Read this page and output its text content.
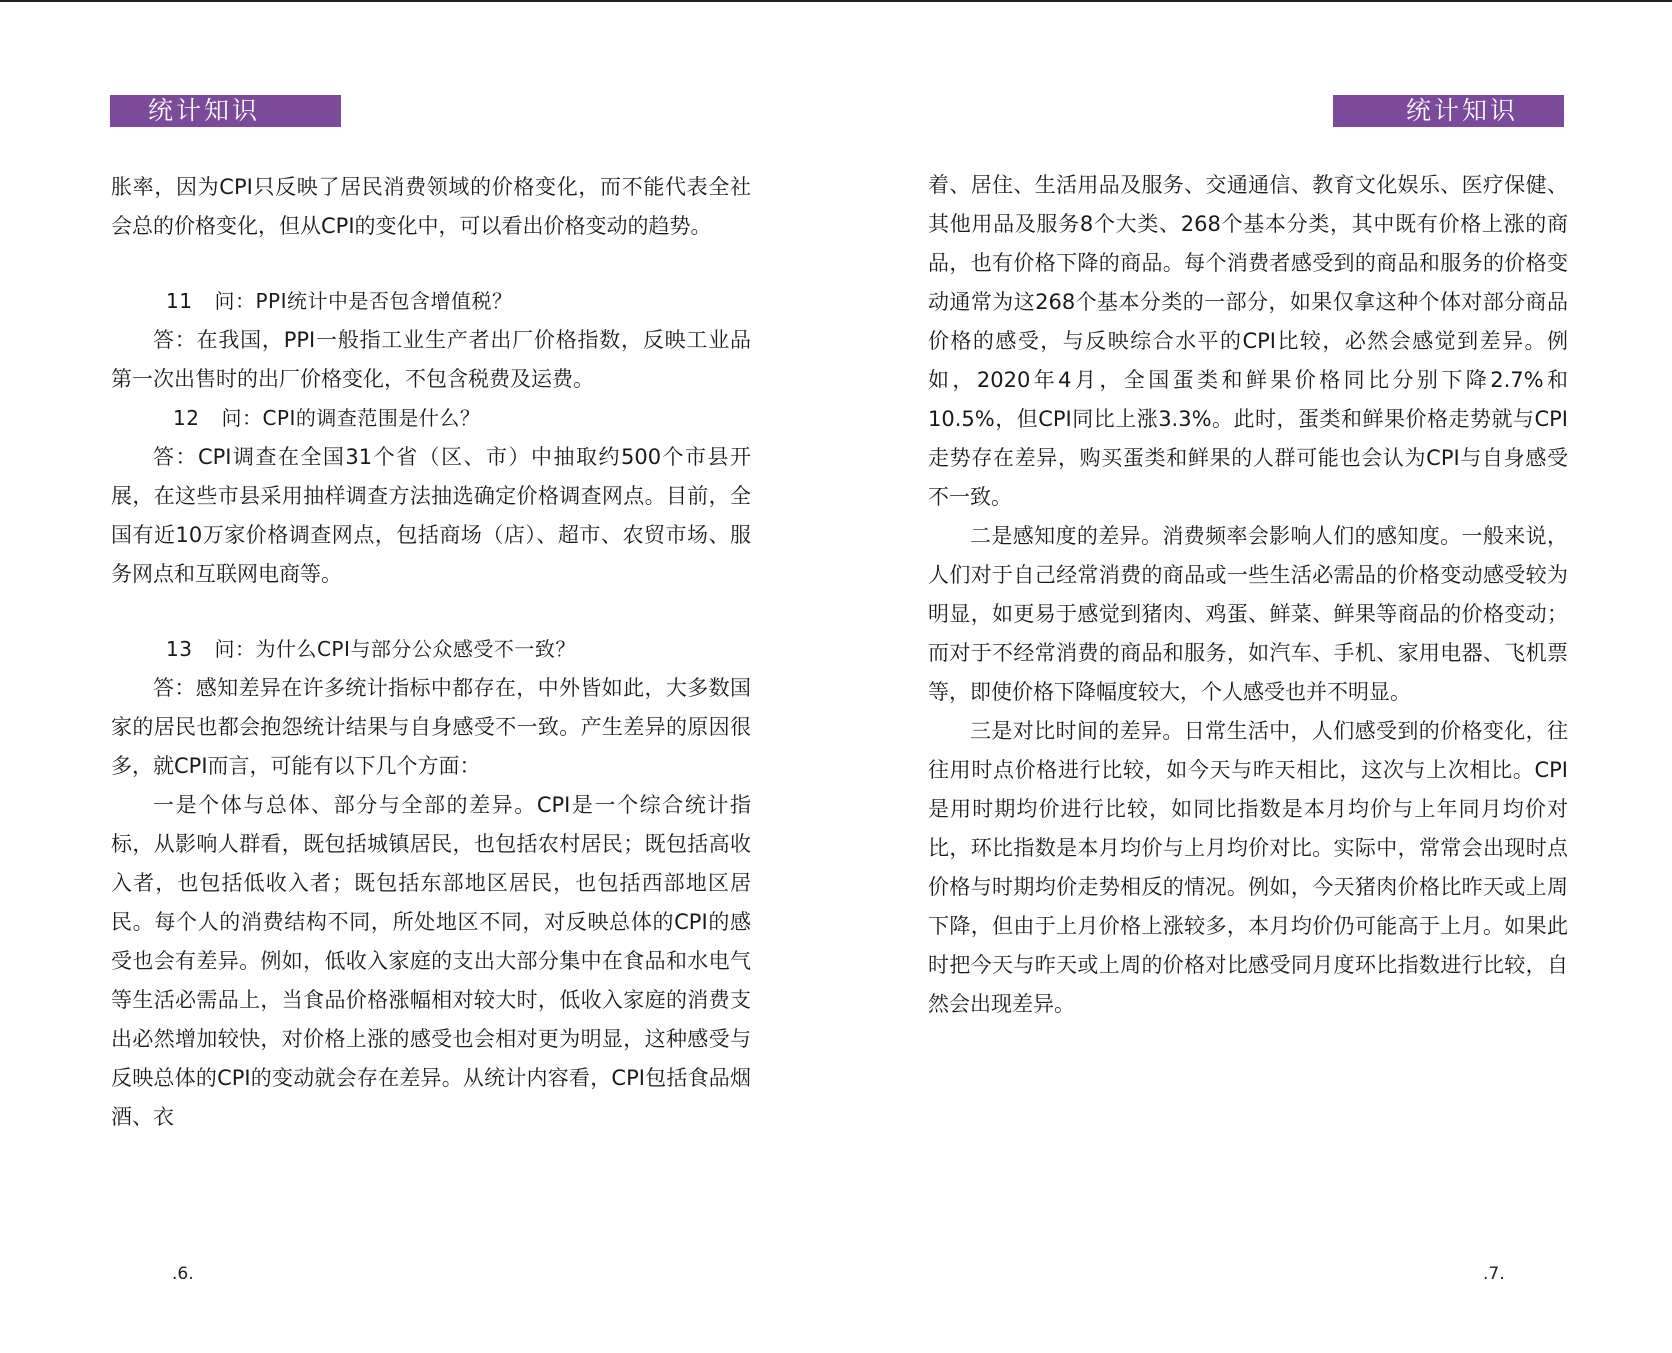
统计知识

胀率，因为CPI只反映了居民消费领域的价格变化，而不能代表全社会总的价格变化，但从CPI的变化中，可以看出价格变动的趋势。

11 问：PPI统计中是否包含增值税？

答：在我国，PPI一般指工业生产者出厂价格指数，反映工业品第一次出售时的出厂价格变化，不包含税费及运费。

12 问：CPI的调查范围是什么？

答：CPI调查在全国31个省（区、市）中抽取约500个市县开展，在这些市县采用抽样调查方法抽选确定价格调查网点。目前，全国有近10万家价格调查网点，包括商场（店）、超市、农贸市场、服务网点和互联网电商等。

13 问：为什么CPI与部分公众感受不一致？

答：感知差异在许多统计指标中都存在，中外皆如此，大多数国家的居民也都会抱怨统计结果与自身感受不一致。产生差异的原因很多，就CPI而言，可能有以下几个方面：

一是个体与总体、部分与全部的差异。CPI是一个综合统计指标，从影响人群看，既包括城镇居民，也包括农村居民；既包括高收入者，也包括低收入者；既包括东部地区居民，也包括西部地区居民。每个人的消费结构不同，所处地区不同，对反映总体的CPI的感受也会有差异。例如，低收入家庭的支出大部分集中在食品和水电气等生活必需品上，当食品价格涨幅相对较大时，低收入家庭的消费支出必然增加较快，对价格上涨的感受也会相对更为明显，这种感受与反映总体的CPI的变动就会存在差异。从统计内容看，CPI包括食品烟酒、衣

.6.
统计知识

着、居住、生活用品及服务、交通通信、教育文化娱乐、医疗保健、其他用品及服务8个大类、268个基本分类，其中既有价格上涨的商品，也有价格下降的商品。每个消费者感受到的商品和服务的价格变动通常为这268个基本分类的一部分，如果仅拿这种个体对部分商品价格的感受，与反映综合水平的CPI比较，必然会感觉到差异。例如，2020年4月，全国蛋类和鲜果价格同比分别下降2.7%和10.5%，但CPI同比上涨3.3%。此时，蛋类和鲜果价格走势就与CPI走势存在差异，购买蛋类和鲜果的人群可能也会认为CPI与自身感受不一致。

二是感知度的差异。消费频率会影响人们的感知度。一般来说，人们对于自己经常消费的商品或一些生活必需品的价格变动感受较为明显，如更易于感觉到猪肉、鸡蛋、鲜菜、鲜果等商品的价格变动；而对于不经常消费的商品和服务，如汽车、手机、家用电器、飞机票等，即使价格下降幅度较大，个人感受也并不明显。

三是对比时间的差异。日常生活中，人们感受到的价格变化，往往用时点价格进行比较，如今天与昨天相比，这次与上次相比。CPI是用时期均价进行比较，如同比指数是本月均价与上年同月均价对比，环比指数是本月均价与上月均价对比。实际中，常常会出现时点价格与时期均价走势相反的情况。例如，今天猪肉价格比昨天或上周下降，但由于上月价格上涨较多，本月均价仍可能高于上月。如果此时把今天与昨天或上周的价格对比感受同月度环比指数进行比较，自然会出现差异。

.7.
